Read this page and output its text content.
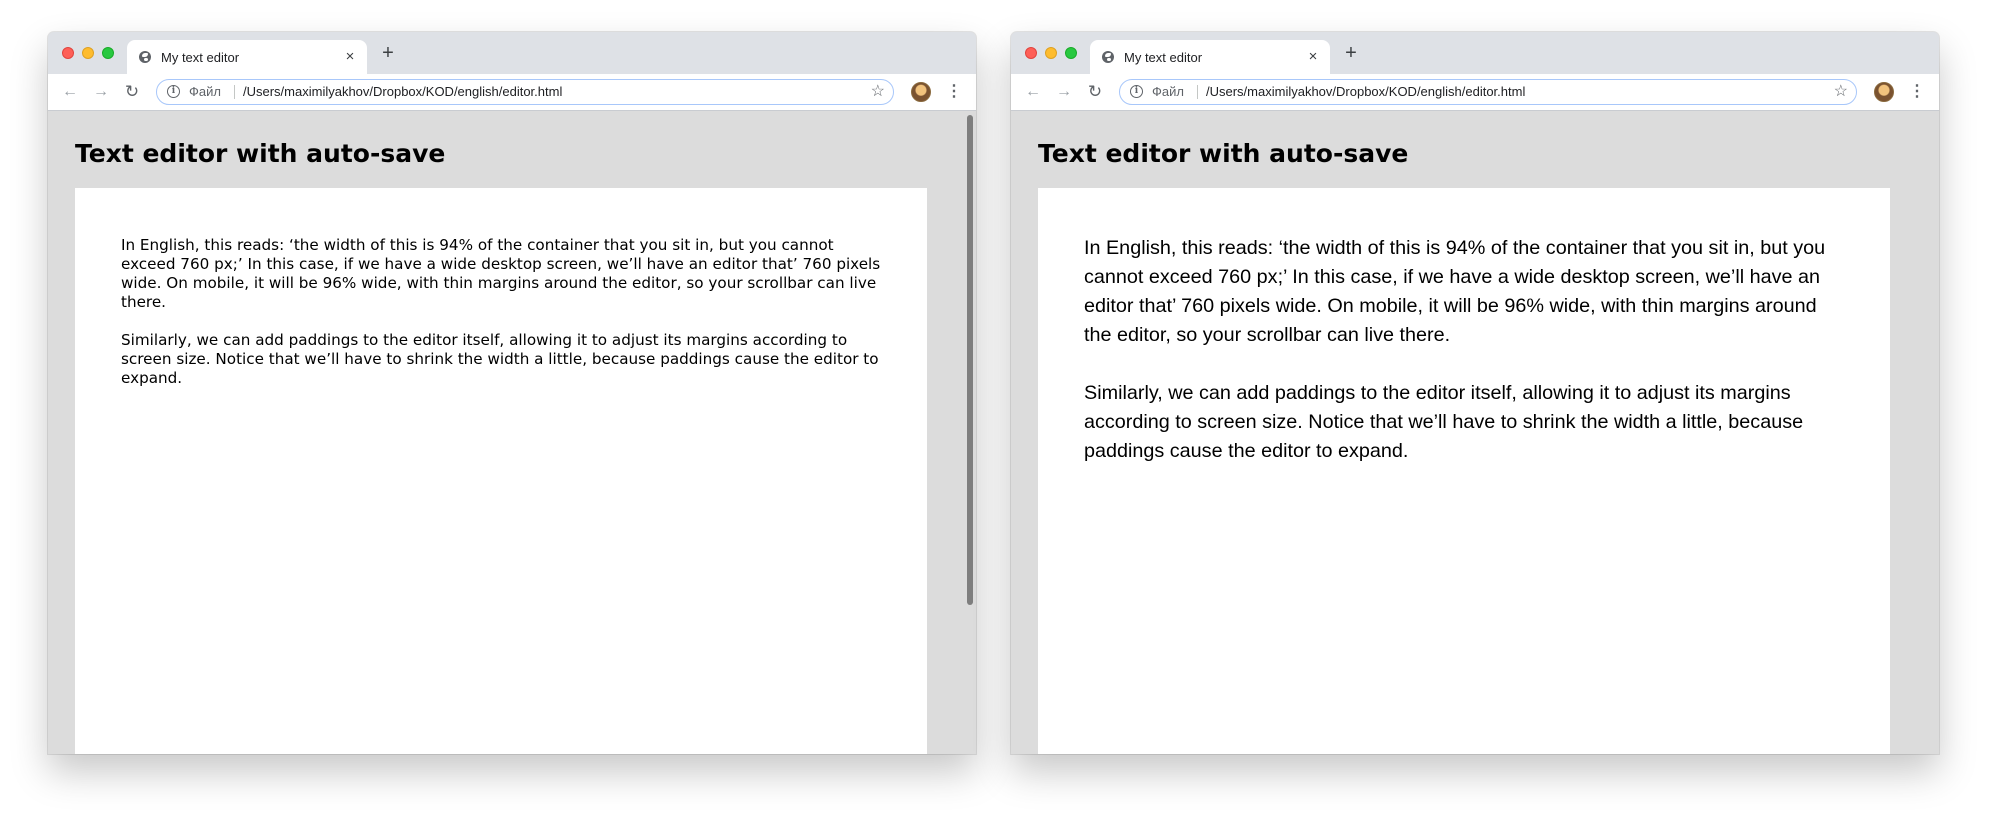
My text editor	×	+
← → ↻	i	Файл /Users/maximilyakhov/Dropbox/KOD/english/editor.html	☆	⋮
Text editor with auto-save

In English, this reads: ‘the width of this is 94% of the container that you sit in, but you cannot exceed 760 px;’ In this case, if we have a wide desktop screen, we’ll have an editor that’ 760 pixels wide. On mobile, it will be 96% wide, with thin margins around the editor, so your scrollbar can live there.

Similarly, we can add paddings to the editor itself, allowing it to adjust its margins according to screen size. Notice that we’ll have to shrink the width a little, because paddings cause the editor to expand.

My text editor	×	+
← → ↻	i	Файл /Users/maximilyakhov/Dropbox/KOD/english/editor.html	☆	⋮
Text editor with auto-save

In English, this reads: ‘the width of this is 94% of the container that you sit in, but you cannot exceed 760 px;’ In this case, if we have a wide desktop screen, we’ll have an editor that’ 760 pixels wide. On mobile, it will be 96% wide, with thin margins around the editor, so your scrollbar can live there.

Similarly, we can add paddings to the editor itself, allowing it to adjust its margins according to screen size. Notice that we’ll have to shrink the width a little, because paddings cause the editor to expand.
